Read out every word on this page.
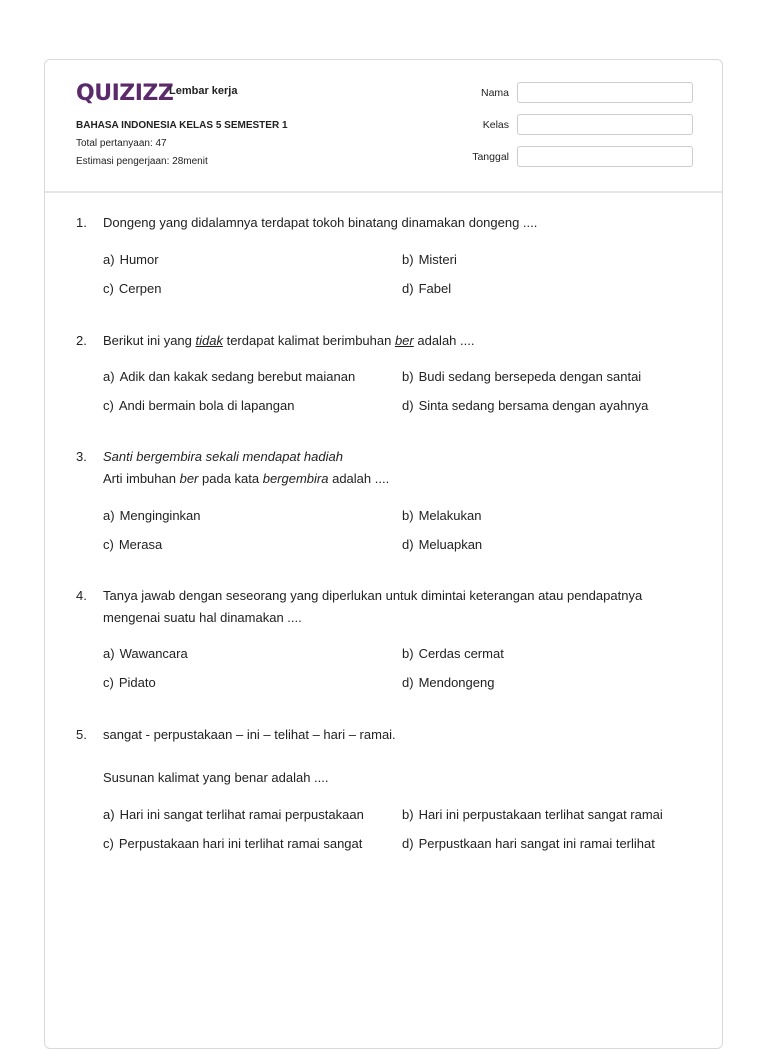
QUIZIZZ
Lembar kerja
BAHASA INDONESIA KELAS 5 SEMESTER 1
Total pertanyaan: 47
Estimasi pengerjaan: 28menit
Nama
Kelas
Tanggal
1. Dongeng yang didalamnya terdapat tokoh binatang dinamakan dongeng ....
a) Humor	b) Misteri
c) Cerpen	d) Fabel
2. Berikut ini yang tidak terdapat kalimat berimbuhan ber adalah ....
a) Adik dan kakak sedang berebut maianan	b) Budi sedang bersepeda dengan santai
c) Andi bermain bola di lapangan	d) Sinta sedang bersama dengan ayahnya
3. Santi bergembira sekali mendapat hadiah
Arti imbuhan ber pada kata bergembira adalah ....
a) Menginginkan	b) Melakukan
c) Merasa	d) Meluapkan
4. Tanya jawab dengan seseorang yang diperlukan untuk dimintai keterangan atau pendapatnya mengenai suatu hal dinamakan ....
a) Wawancara	b) Cerdas cermat
c) Pidato	d) Mendongeng
5. sangat - perpustakaan – ini – telihat – hari – ramai.
Susunan kalimat yang benar adalah ....
a) Hari ini sangat terlihat ramai perpustakaan	b) Hari ini perpustakaan terlihat sangat ramai
c) Perpustakaan hari ini terlihat ramai sangat	d) Perpustkaan hari sangat ini ramai terlihat
